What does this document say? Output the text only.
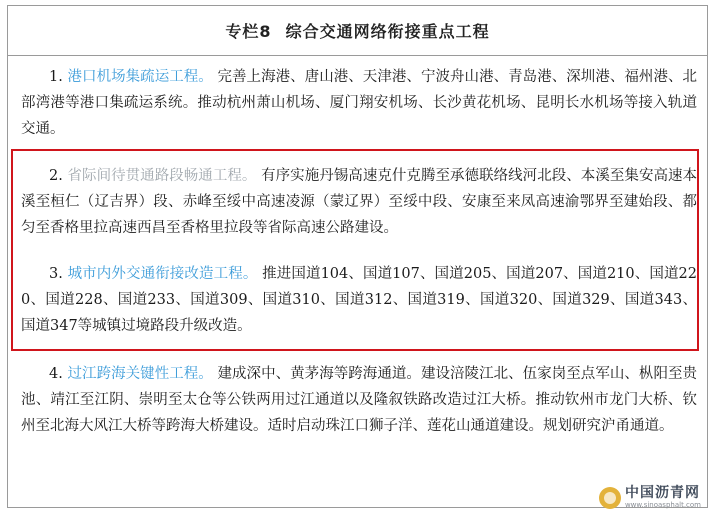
专栏8 综合交通网络衔接重点工程
1. 港口机场集疏运工程。 完善上海港、唐山港、天津港、宁波舟山港、青岛港、深圳港、福州港、北部湾港等港口集疏运系统。推动杭州萧山机场、厦门翔安机场、长沙黄花机场、昆明长水机场等接入轨道交通。
2. 省际间待贯通路段畅通工程。 有序实施丹锡高速克什克腾至承德联络线河北段、本溪至集安高速本溪至桓仁（辽吉界）段、赤峰至绥中高速凌源（蒙辽界）至绥中段、安康至来凤高速渝鄂界至建始段、都匀至香格里拉高速西昌至香格里拉段等省际高速公路建设。
3. 城市内外交通衔接改造工程。 推进国道104、国道107、国道205、国道207、国道210、国道220、国道228、国道233、国道309、国道310、国道312、国道319、国道320、国道329、国道343、国道347等城镇过境路段升级改造。
4. 过江跨海关键性工程。 建成深中、黄茅海等跨海通道。建设涪陵江北、伍家岗至点军山、枞阳至贵池、靖江至江阴、崇明至太仓等公铁两用过江通道以及隆叙铁路改造过江大桥。推动钦州市龙门大桥、钦州至北海大风江大桥等跨海大桥建设。适时启动珠江口狮子洋、莲花山通道建设。规划研究沪甬通道。
中国沥青网
www.sinoasphalt.com
